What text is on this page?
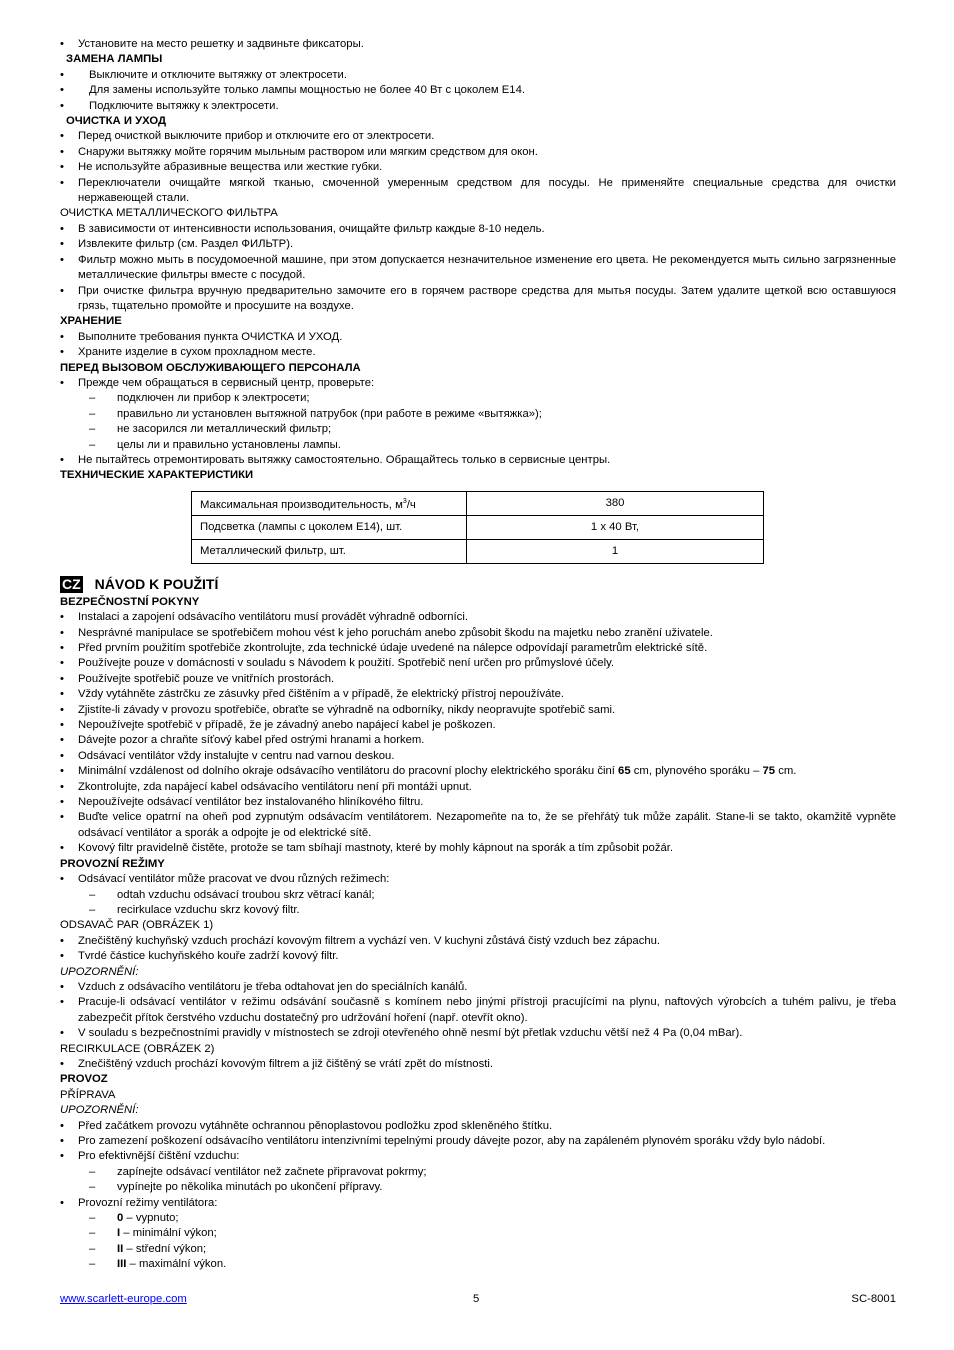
• Установите на место решетку и задвиньте фиксаторы.
ЗАМЕНА ЛАМПЫ
• Выключите и отключите вытяжку от электросети.
• Для замены используйте только лампы мощностью не более 40 Вт с цоколем Е14.
• Подключите вытяжку к электросети.
ОЧИСТКА И УХОД
• Перед очисткой выключите прибор и отключите его от электросети.
• Снаружи вытяжку мойте горячим мыльным раствором или мягким средством для окон.
• Не используйте абразивные вещества или жесткие губки.
• Переключатели очищайте мягкой тканью, смоченной умеренным средством для посуды. Не применяйте специальные средства для очистки нержавеющей стали.
ОЧИСТКА МЕТАЛЛИЧЕСКОГО ФИЛЬТРА
• В зависимости от интенсивности использования, очищайте фильтр каждые 8-10 недель.
• Извлеките фильтр (см. Раздел ФИЛЬТР).
• Фильтр можно мыть в посудомоечной машине, при этом допускается незначительное изменение его цвета. Не рекомендуется мыть сильно загрязненные металлические фильтры вместе с посудой.
• При очистке фильтра вручную предварительно замочите его в горячем растворе средства для мытья посуды. Затем удалите щеткой всю оставшуюся грязь, тщательно промойте и просушите на воздухе.
ХРАНЕНИЕ
• Выполните требования пункта ОЧИСТКА И УХОД.
• Храните изделие в сухом прохладном месте.
ПЕРЕД ВЫЗОВОМ ОБСЛУЖИВАЮЩЕГО ПЕРСОНАЛА
• Прежде чем обращаться в сервисный центр, проверьте:
– подключен ли прибор к электросети;
– правильно ли установлен вытяжной патрубок (при работе в режиме «вытяжка»);
– не засорился ли металлический фильтр;
– целы ли и правильно установлены лампы.
• Не пытайтесь отремонтировать вытяжку самостоятельно. Обращайтесь только в сервисные центры.
ТЕХНИЧЕСКИЕ ХАРАКТЕРИСТИКИ
Максимальная производительность, $м^3/ч$	380
Подсветка (лампы с цоколем Е14), шт.	1 х 40 Вт,
Металлический фильтр, шт.	1
CZ NÁVOD K POUŽITÍ
BEZPEČNOSTNÍ POKYNY
• Instalaci a zapojení odsávacího ventilátoru musí provádět výhradně odborníci.
• Nesprávné manipulace se spotřebičem mohou vést k jeho poruchám anebo způsobit škodu na majetku nebo zranění uživatele.
• Před prvním použitím spotřebiče zkontrolujte, zda technické údaje uvedené na nálepce odpovídají parametrům elektrické sítě.
• Používejte pouze v domácnosti v souladu s Návodem k použití. Spotřebič není určen pro průmyslové účely.
• Používejte spotřebič pouze ve vnitřních prostorách.
• Vždy vytáhněte zástrčku ze zásuvky před čištěním a v případě, že elektrický přístroj nepoužíváte.
• Zjistíte-li závady v provozu spotřebiče, obraťte se výhradně na odborníky, nikdy neopravujte spotřebič sami.
• Nepoužívejte spotřebič v případě, že je závadný anebo napájecí kabel je poškozen.
• Dávejte pozor a chraňte síťový kabel před ostrými hranami a horkem.
• Odsávací ventilátor vždy instalujte v centru nad varnou deskou.
• Minimální vzdálenost od dolního okraje odsávacího ventilátoru do pracovní plochy elektrického sporáku činí 65 cm, plynového sporáku – 75 cm.
• Zkontrolujte, zda napájecí kabel odsávacího ventilátoru není při montáži upnut.
• Nepoužívejte odsávací ventilátor bez instalovaného hliníkového filtru.
• Buďte velice opatrní na oheň pod zypnutým odsávacím ventilátorem. Nezapomeňte na to, že se přehřátý tuk může zapálit. Stane-li se takto, okamžitě vypněte odsávací ventilátor a sporák a odpojte je od elektrické sítě.
• Kovový filtr pravidelně čistěte, protože se tam sbíhají mastnoty, které by mohly kápnout na sporák a tím způsobit požár.
PROVOZNÍ REŽIMY
• Odsávací ventilátor může pracovat ve dvou různých režimech:
– odtah vzduchu odsávací troubou skrz větrací kanál;
– recirkulace vzduchu skrz kovový filtr.
ODSAVAČ PAR (OBRÁZEK 1)
• Znečištěný kuchyňský vzduch prochází kovovým filtrem a vychází ven. V kuchyni zůstává čistý vzduch bez zápachu.
• Tvrdé částice kuchyňského kouře zadrží kovový filtr.
UPOZORNĚNÍ:
• Vzduch z odsávacího ventilátoru je třeba odtahovat jen do speciálních kanálů.
• Pracuje-li odsávací ventilátor v režimu odsávání současně s komínem nebo jinými přístroji pracujícími na plynu, naftových výrobcích a tuhém palivu, je třeba zabezpečit přítok čerstvého vzduchu dostatečný pro udržování hoření (např. otevřít okno).
• V souladu s bezpečnostními pravidly v místnostech se zdroji otevřeného ohně nesmí být přetlak vzduchu větší než 4 Pa (0,04 mBar).
RECIRKULACE (OBRÁZEK 2)
• Znečištěný vzduch prochází kovovým filtrem a již čištěný se vrátí zpět do místnosti.
PROVOZ
PŘÍPRAVA
UPOZORNĚNÍ:
• Před začátkem provozu vytáhněte ochrannou pěnoplastovou podložku zpod skleněného štítku.
• Pro zamezení poškození odsávacího ventilátoru intenzivními tepelnými proudy dávejte pozor, aby na zapáleném plynovém sporáku vždy bylo nádobí.
• Pro efektivnější čištění vzduchu:
– zapínejte odsávací ventilátor než začnete připravovat pokrmy;
– vypínejte po několika minutách po ukončení přípravy.
• Provozní režimy ventilátora:
– 0 – vypnuto;
– I – minimální výkon;
– II – střední výkon;
– III – maximální výkon.
www.scarlett-europe.com	5	SC-8001
